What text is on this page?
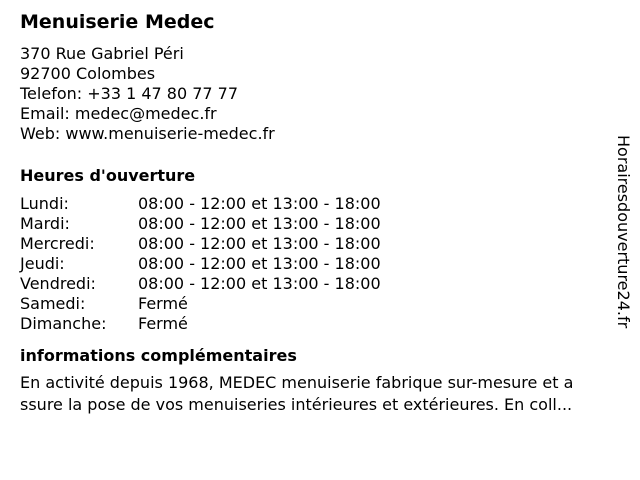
Menuiserie Medec
370 Rue Gabriel Péri
92700 Colombes
Telefon: +33 1 47 80 77 77
Email: medec@medec.fr
Web: www.menuiserie-medec.fr
Heures d'ouverture
Lundi:	08:00 - 12:00 et 13:00 - 18:00
Mardi:	08:00 - 12:00 et 13:00 - 18:00
Mercredi:	08:00 - 12:00 et 13:00 - 18:00
Jeudi:	08:00 - 12:00 et 13:00 - 18:00
Vendredi:	08:00 - 12:00 et 13:00 - 18:00
Samedi:	Fermé
Dimanche:	Fermé
informations complémentaires
En activité depuis 1968, MEDEC menuiserie fabrique sur-mesure et a
ssure la pose de vos menuiseries intérieures et extérieures. En coll...
Horairesdouverture24.fr
